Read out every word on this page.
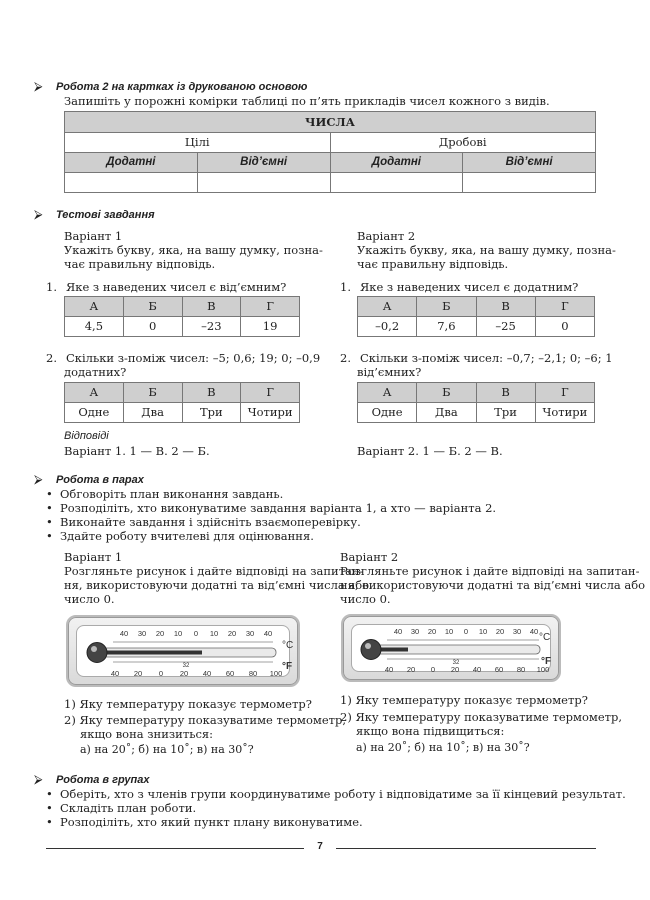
⮚ Робота 2 на картках із друкованою основою
Запишіть у порожні комірки таблиці по п’ять прикладів чисел кожного з видів.
ЧИСЛА			
Цілі		Дробові	
Додатні	Від’ємні	Додатні	Від’ємні

⮚ Тестові завдання
Варіант 1
Укажіть букву, яка, на вашу думку, позна-
чає правильну відповідь.
1. Яке з наведених чисел є від’ємним?
А	Б	В	Г
4,5	0	–23	19
2. Скільки з-поміж чисел: –5; 0,6; 19; 0; –0,9
додатних?
А	Б	В	Г
Одне	Два	Три	Чотири
Варіант 2
Укажіть букву, яка, на вашу думку, позна-
чає правильну відповідь.
1. Яке з наведених чисел є додатним?
А	Б	В	Г
–0,2	7,6	–25	0
2. Скільки з-поміж чисел: –0,7; –2,1; 0; –6; 1
від’ємних?
А	Б	В	Г
Одне	Два	Три	Чотири
Відповіді
Варіант 1. 1 — В. 2 — Б.	Варіант 2. 1 — Б. 2 — В.
⮚ Робота в парах
• Обговоріть план виконання завдань.
• Розподіліть, хто виконуватиме завдання варіанта 1, а хто — варіанта 2.
• Виконайте завдання і здійсніть взаємоперевірку.
• Здайте роботу вчителеві для оцінювання.
Варіант 1
Розгляньте рисунок і дайте відповіді на запитан-
ня, використовуючи додатні та від’ємні числа або
число 0.
Варіант 2
Розгляньте рисунок і дайте відповіді на запитан-
ня, використовуючи додатні та від’ємні числа або
число 0.
40 30 20 10 0 10 20 30 40
40 20 0 20 40 60 80 100
32
°C
°F
40 30 20 10 0 10 20 30 40
40 20 0 20 40 60 80 100
32
°C
°F
1) Яку температуру показує термометр?
2) Яку температуру показуватиме термометр,
якщо вона знизиться:
а) на 20˚; б) на 10˚; в) на 30˚?
1) Яку температуру показує термометр?
2) Яку температуру показуватиме термометр,
якщо вона підвищиться:
а) на 20˚; б) на 10˚; в) на 30˚?
⮚ Робота в групах
• Оберіть, хто з членів групи координуватиме роботу і відповідатиме за її кінцевий результат.
• Складіть план роботи.
• Розподіліть, хто який пункт плану виконуватиме.
7
